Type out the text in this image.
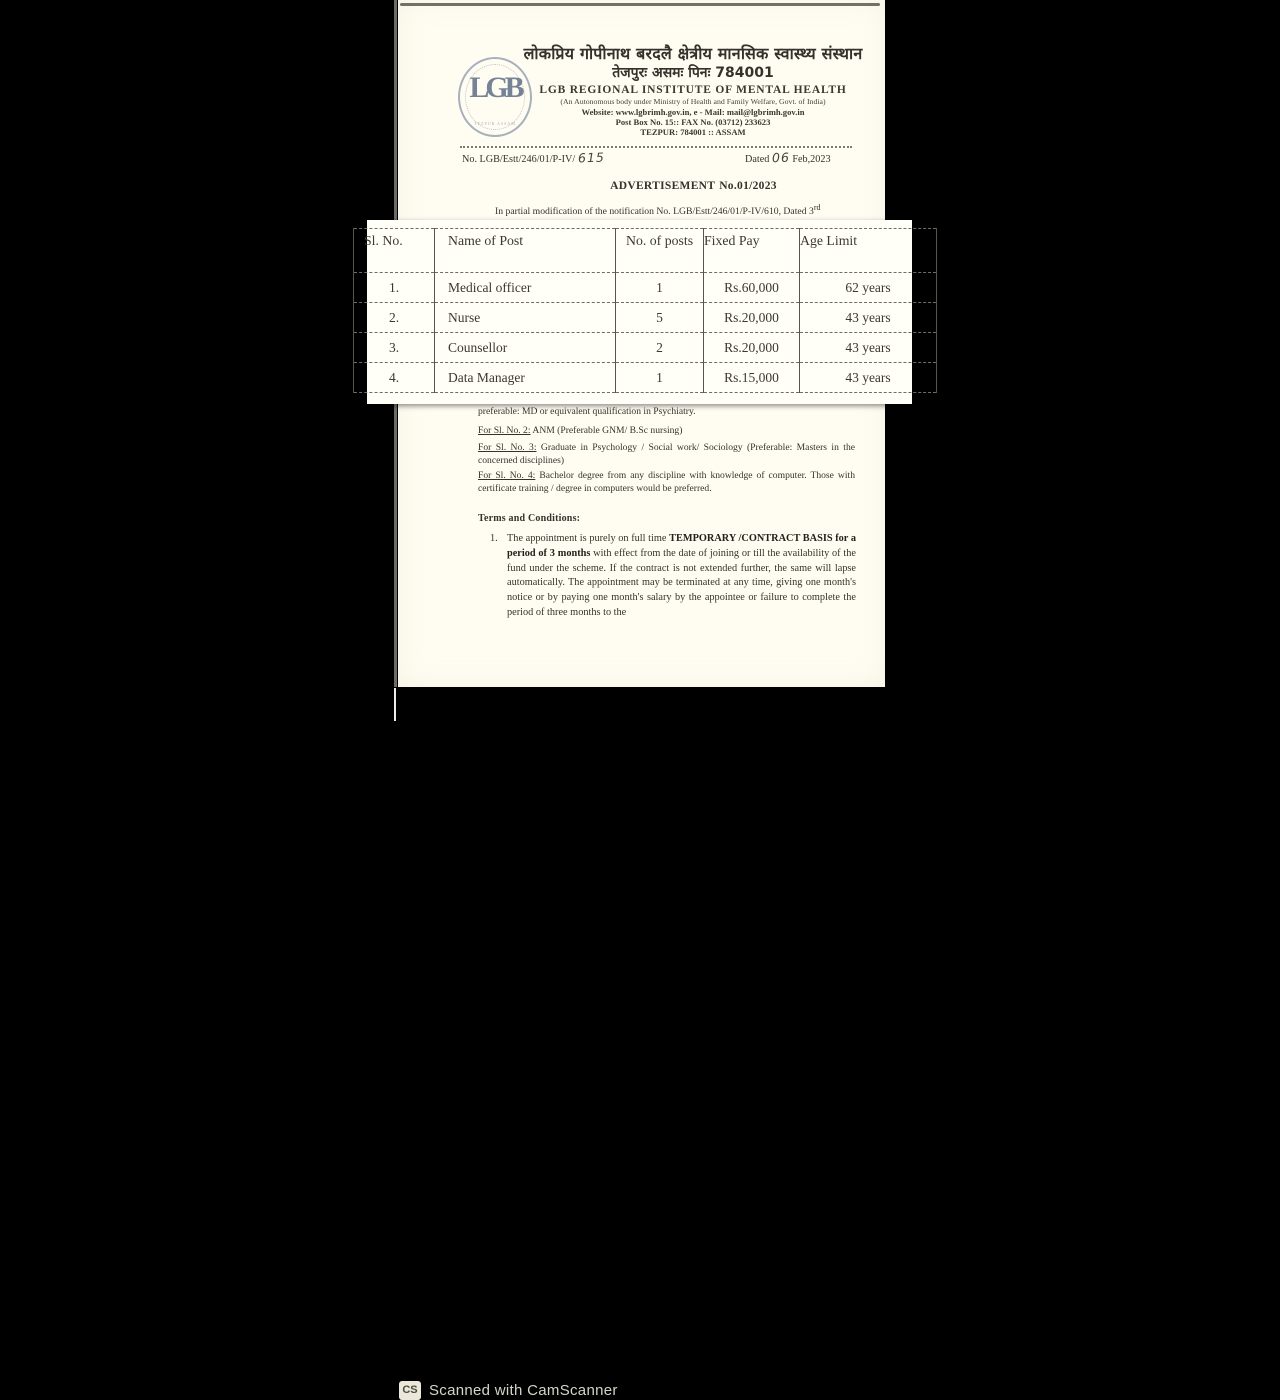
LGB
TEZPUR ASSAM
लोकप्रिय गोपीनाथ बरदलै क्षेत्रीय मानसिक स्वास्थ्य संस्थान
तेजपुरः असमः पिनः 784001
LGB REGIONAL INSTITUTE OF MENTAL HEALTH
(An Autonomous body under Ministry of Health and Family Welfare, Govt. of India)
Website: www.lgbrimh.gov.in, e - Mail: mail@lgbrimh.gov.in
Post Box No. 15:: FAX No. (03712) 233623
TEZPUR: 784001 :: ASSAM
No. LGB/Estt/246/01/P-IV/ 615	Dated 06 Feb,2023
ADVERTISEMENT No.01/2023
In partial modification of the notification No. LGB/Estt/246/01/P-IV/610, Dated 3rd
preferable: MD or equivalent qualification in Psychiatry.
For Sl. No. 2: ANM (Preferable GNM/ B.Sc nursing)
For Sl. No. 3: Graduate in Psychology / Social work/ Sociology (Preferable: Masters in the concerned disciplines)
For Sl. No. 4: Bachelor degree from any discipline with knowledge of computer. Those with certificate training / degree in computers would be preferred.
Terms and Conditions:
1. The appointment is purely on full time TEMPORARY /CONTRACT BASIS for a period of 3 months with effect from the date of joining or till the availability of the fund under the scheme. If the contract is not extended further, the same will lapse automatically. The appointment may be terminated at any time, giving one month's notice or by paying one month's salary by the appointee or failure to complete the period of three months to the
Sl. No.	Name of Post	No. of posts	Fixed Pay	Age Limit
1.	Medical officer	1	Rs.60,000	62 years
2.	Nurse	5	Rs.20,000	43 years
3.	Counsellor	2	Rs.20,000	43 years
4.	Data Manager	1	Rs.15,000	43 years
CS Scanned with CamScanner
